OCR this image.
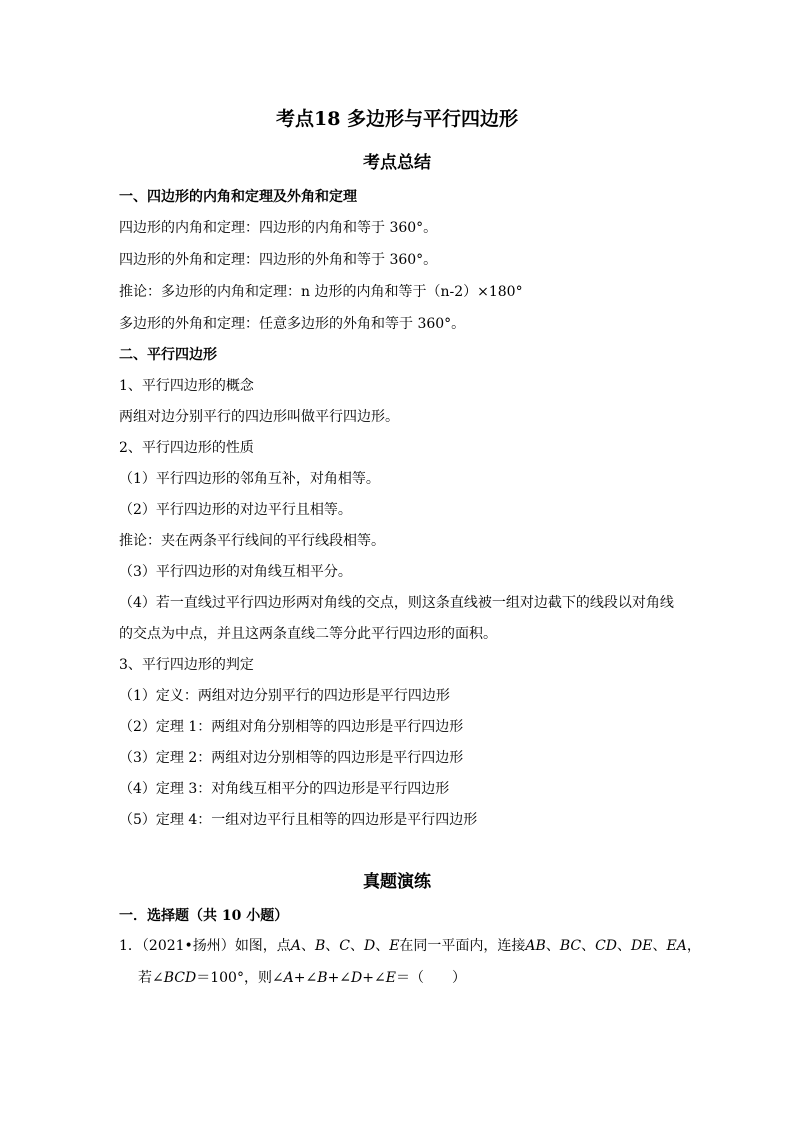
考点18 多边形与平行四边形
考点总结
一、四边形的内角和定理及外角和定理
四边形的内角和定理：四边形的内角和等于 360°。
四边形的外角和定理：四边形的外角和等于 360°。
推论：多边形的内角和定理：n 边形的内角和等于（n-2）×180°
多边形的外角和定理：任意多边形的外角和等于 360°。
二、平行四边形
1、平行四边形的概念
两组对边分别平行的四边形叫做平行四边形。
2、平行四边形的性质
（1）平行四边形的邻角互补，对角相等。
（2）平行四边形的对边平行且相等。
推论：夹在两条平行线间的平行线段相等。
（3）平行四边形的对角线互相平分。
（4）若一直线过平行四边形两对角线的交点，则这条直线被一组对边截下的线段以对角线
的交点为中点，并且这两条直线二等分此平行四边形的面积。
3、平行四边形的判定
（1）定义：两组对边分别平行的四边形是平行四边形
（2）定理 1：两组对角分别相等的四边形是平行四边形
（3）定理 2：两组对边分别相等的四边形是平行四边形
（4）定理 3：对角线互相平分的四边形是平行四边形
（5）定理 4：一组对边平行且相等的四边形是平行四边形
真题演练
一．选择题（共 10 小题）
1．（2021•扬州）如图，点A、B、C、D、E在同一平面内，连接AB、BC、CD、DE、EA，
若∠BCD＝100°，则∠A+∠B+∠D+∠E＝（　　）
